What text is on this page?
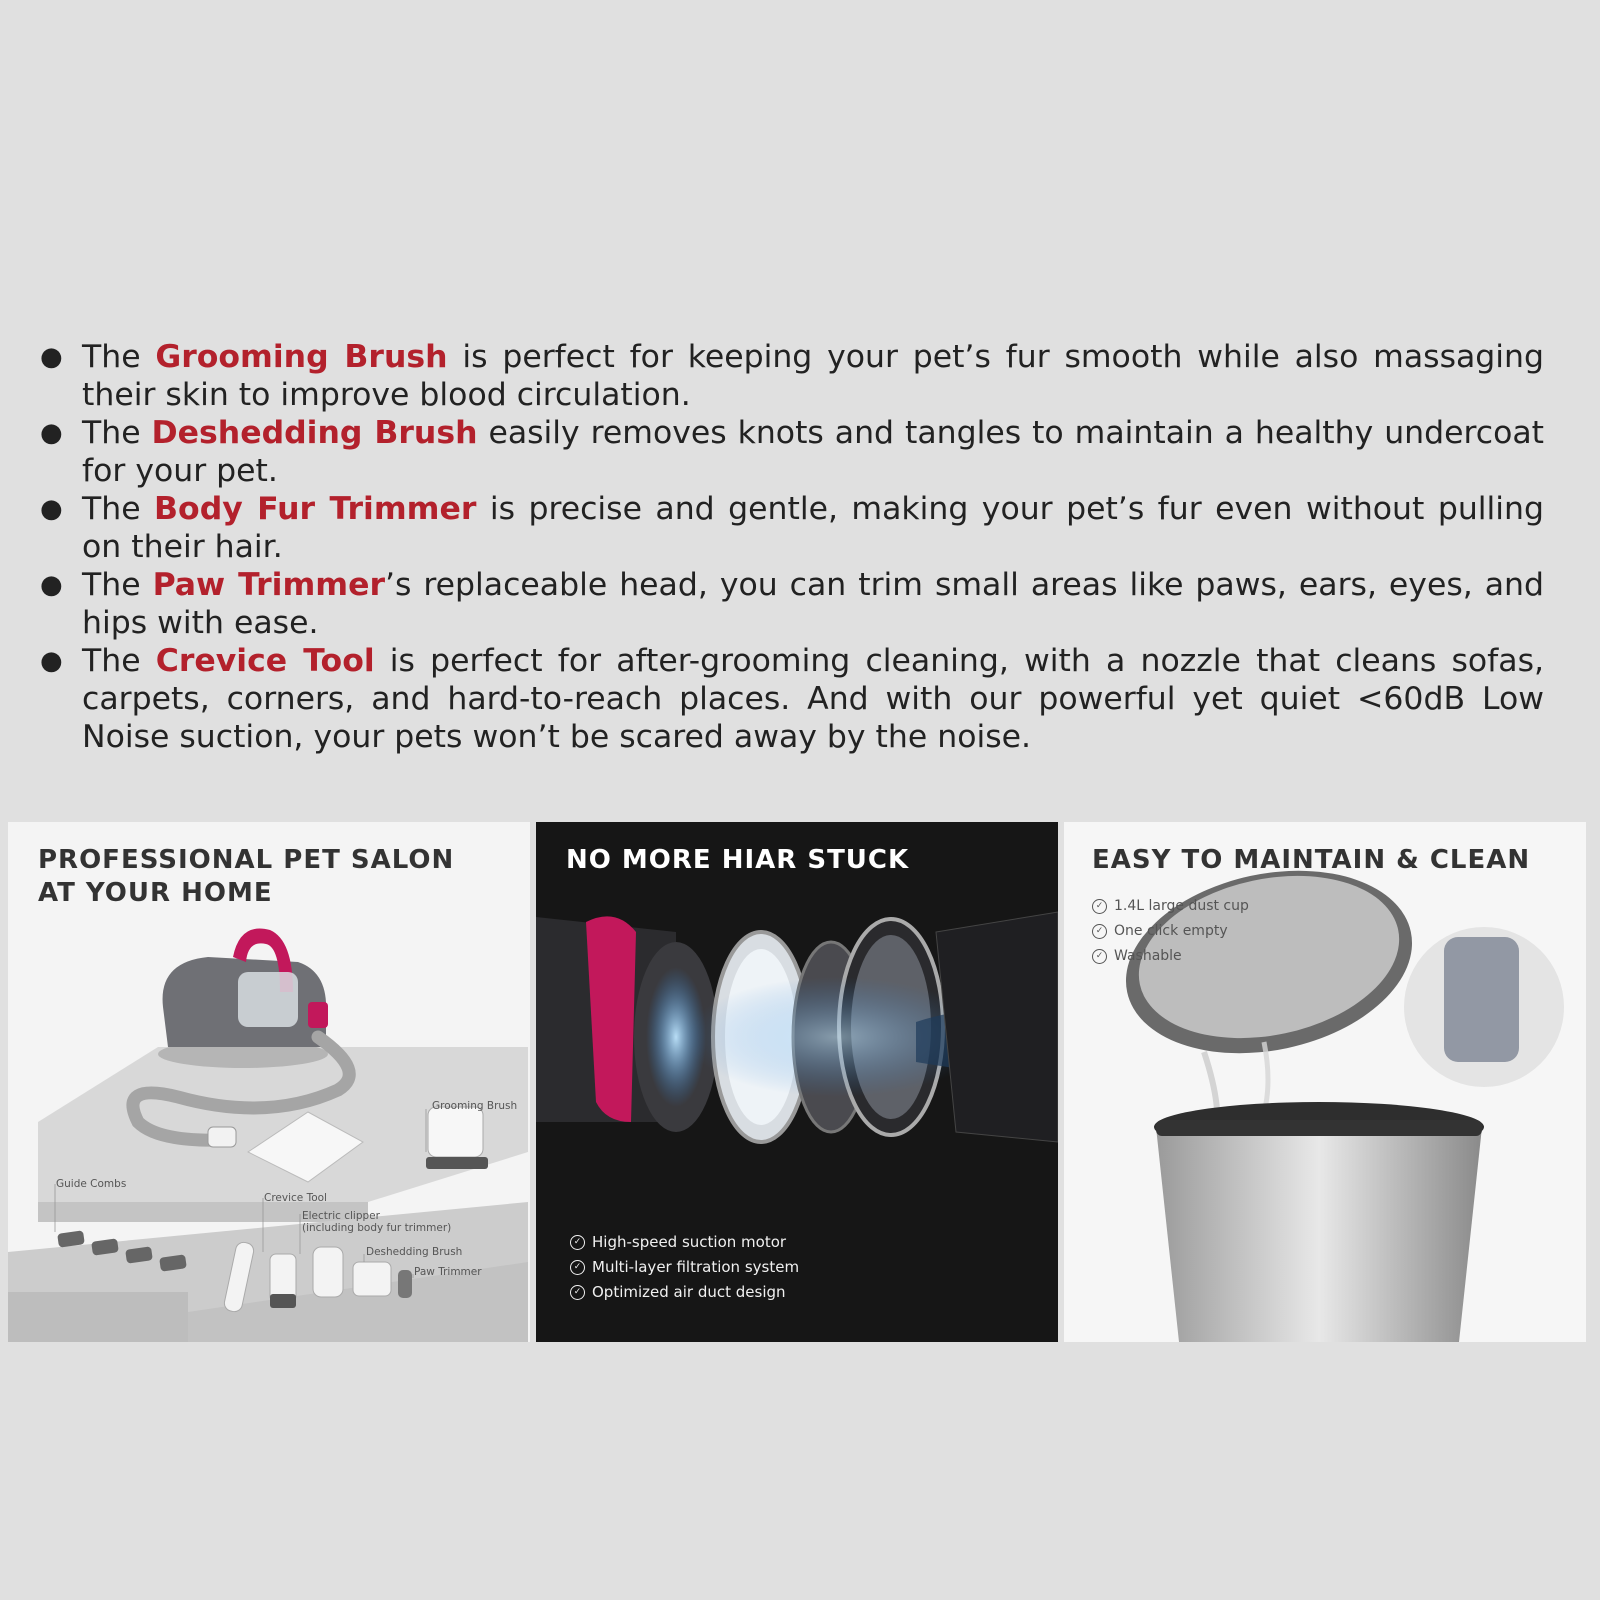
● The Grooming Brush is perfect for keeping your pet’s fur smooth while also massaging their skin to improve blood circulation.
● The Deshedding Brush easily removes knots and tangles to maintain a healthy undercoat for your pet.
● The Body Fur Trimmer is precise and gentle, making your pet’s fur even without pulling on their hair.
● The Paw Trimmer’s replaceable head, you can trim small areas like paws, ears, eyes, and hips with ease.
● The Crevice Tool is perfect for after-grooming cleaning, with a nozzle that cleans sofas, carpets, corners, and hard-to-reach places. And with our powerful yet quiet <60dB Low Noise suction, your pets won’t be scared away by the noise.
PROFESSIONAL PET SALON
AT YOUR HOME
Grooming Brush
Guide Combs
Crevice Tool
Electric clipper
(including body fur trimmer)
Deshedding Brush
Paw Trimmer
NO MORE HIAR STUCK
✓ High-speed suction motor
✓ Multi-layer filtration system
✓ Optimized air duct design
EASY TO MAINTAIN & CLEAN
✓ 1.4L large dust cup
✓ One click empty
✓ Washable
